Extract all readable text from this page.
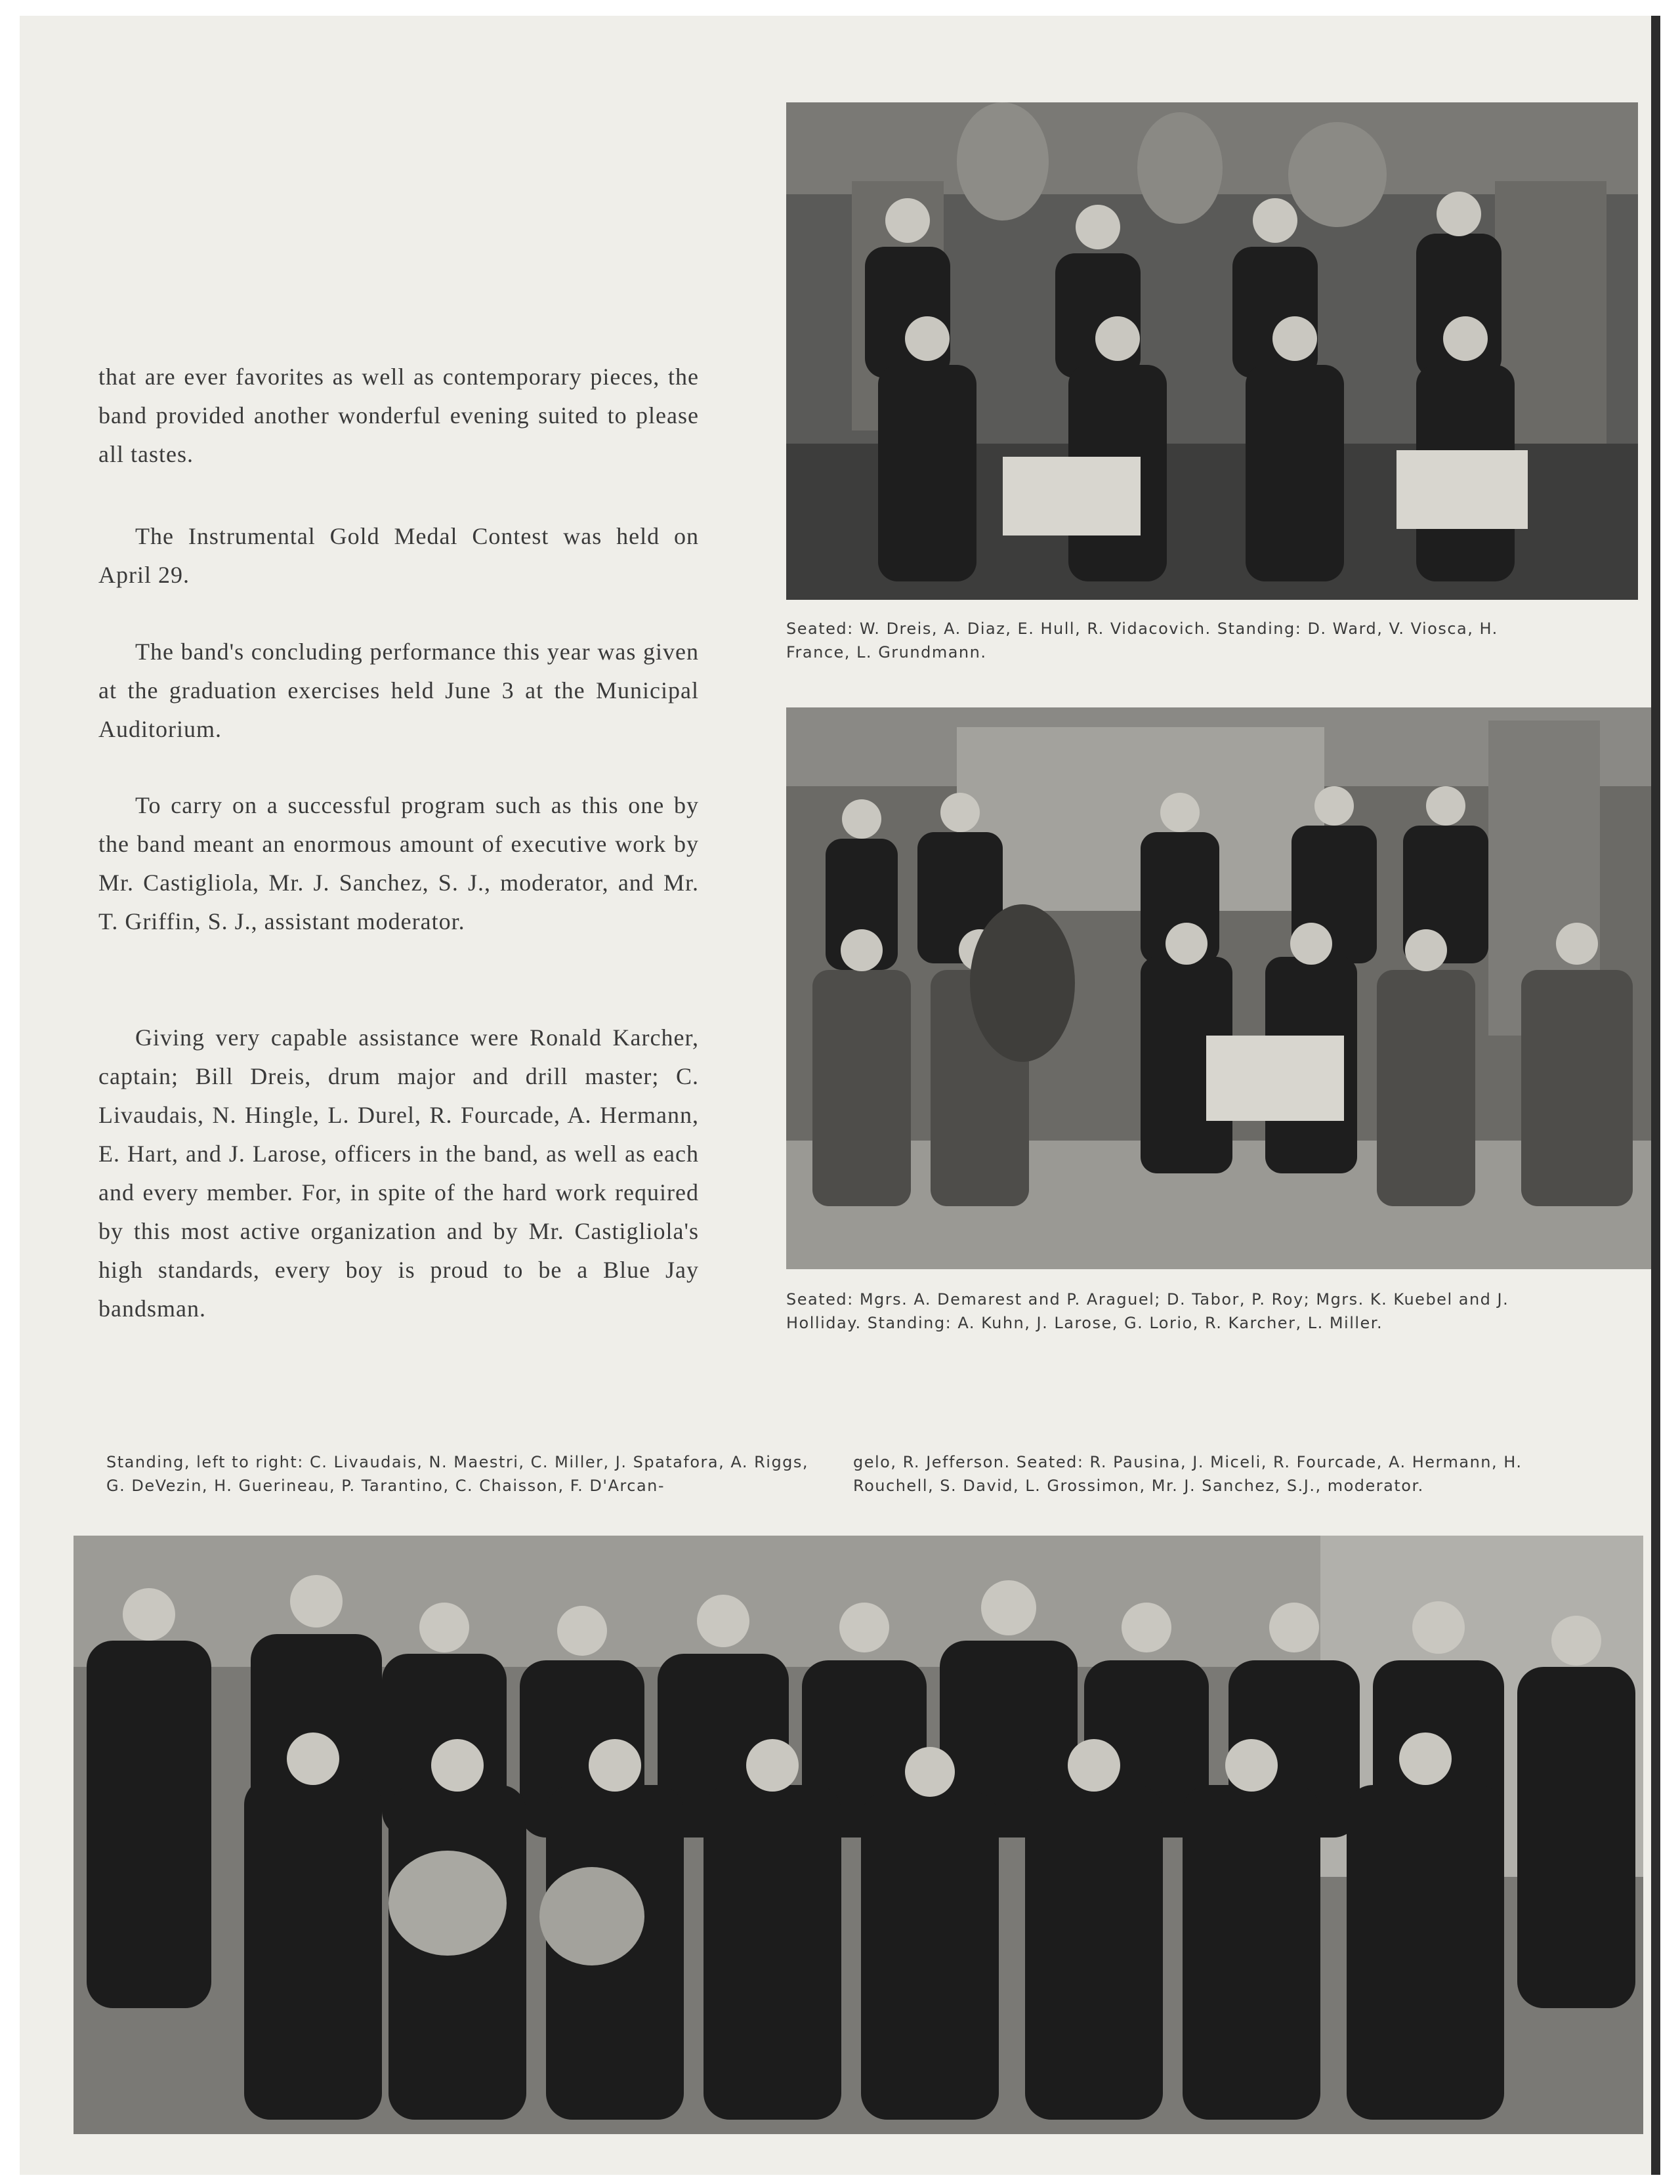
that are ever favorites as well as contemporary pieces, the band provided another wonderful evening suited to please all tastes.

The Instrumental Gold Medal Contest was held on April 29.

The band's concluding performance this year was given at the graduation exercises held June 3 at the Municipal Auditorium.

To carry on a successful program such as this one by the band meant an enormous amount of executive work by Mr. Castigliola, Mr. J. Sanchez, S. J., moderator, and Mr. T. Griffin, S. J., assistant moderator.

Giving very capable assistance were Ronald Karcher, captain; Bill Dreis, drum major and drill master; C. Livaudais, N. Hingle, L. Durel, R. Fourcade, A. Hermann, E. Hart, and J. Larose, officers in the band, as well as each and every member. For, in spite of the hard work required by this most active organization and by Mr. Castigliola's high standards, every boy is proud to be a Blue Jay bandsman.

Seated: W. Dreis, A. Diaz, E. Hull, R. Vidacovich. Standing: D. Ward, V. Viosca, H. France, L. Grundmann.

Seated: Mgrs. A. Demarest and P. Araguel; D. Tabor, P. Roy; Mgrs. K. Kuebel and J. Holliday. Standing: A. Kuhn, J. Larose, G. Lorio, R. Karcher, L. Miller.

Standing, left to right: C. Livaudais, N. Maestri, C. Miller, J. Spatafora, A. Riggs, G. DeVezin, H. Guerineau, P. Tarantino, C. Chaisson, F. D'Arcan-

gelo, R. Jefferson. Seated: R. Pausina, J. Miceli, R. Fourcade, A. Hermann, H. Rouchell, S. David, L. Grossimon, Mr. J. Sanchez, S.J., moderator.
